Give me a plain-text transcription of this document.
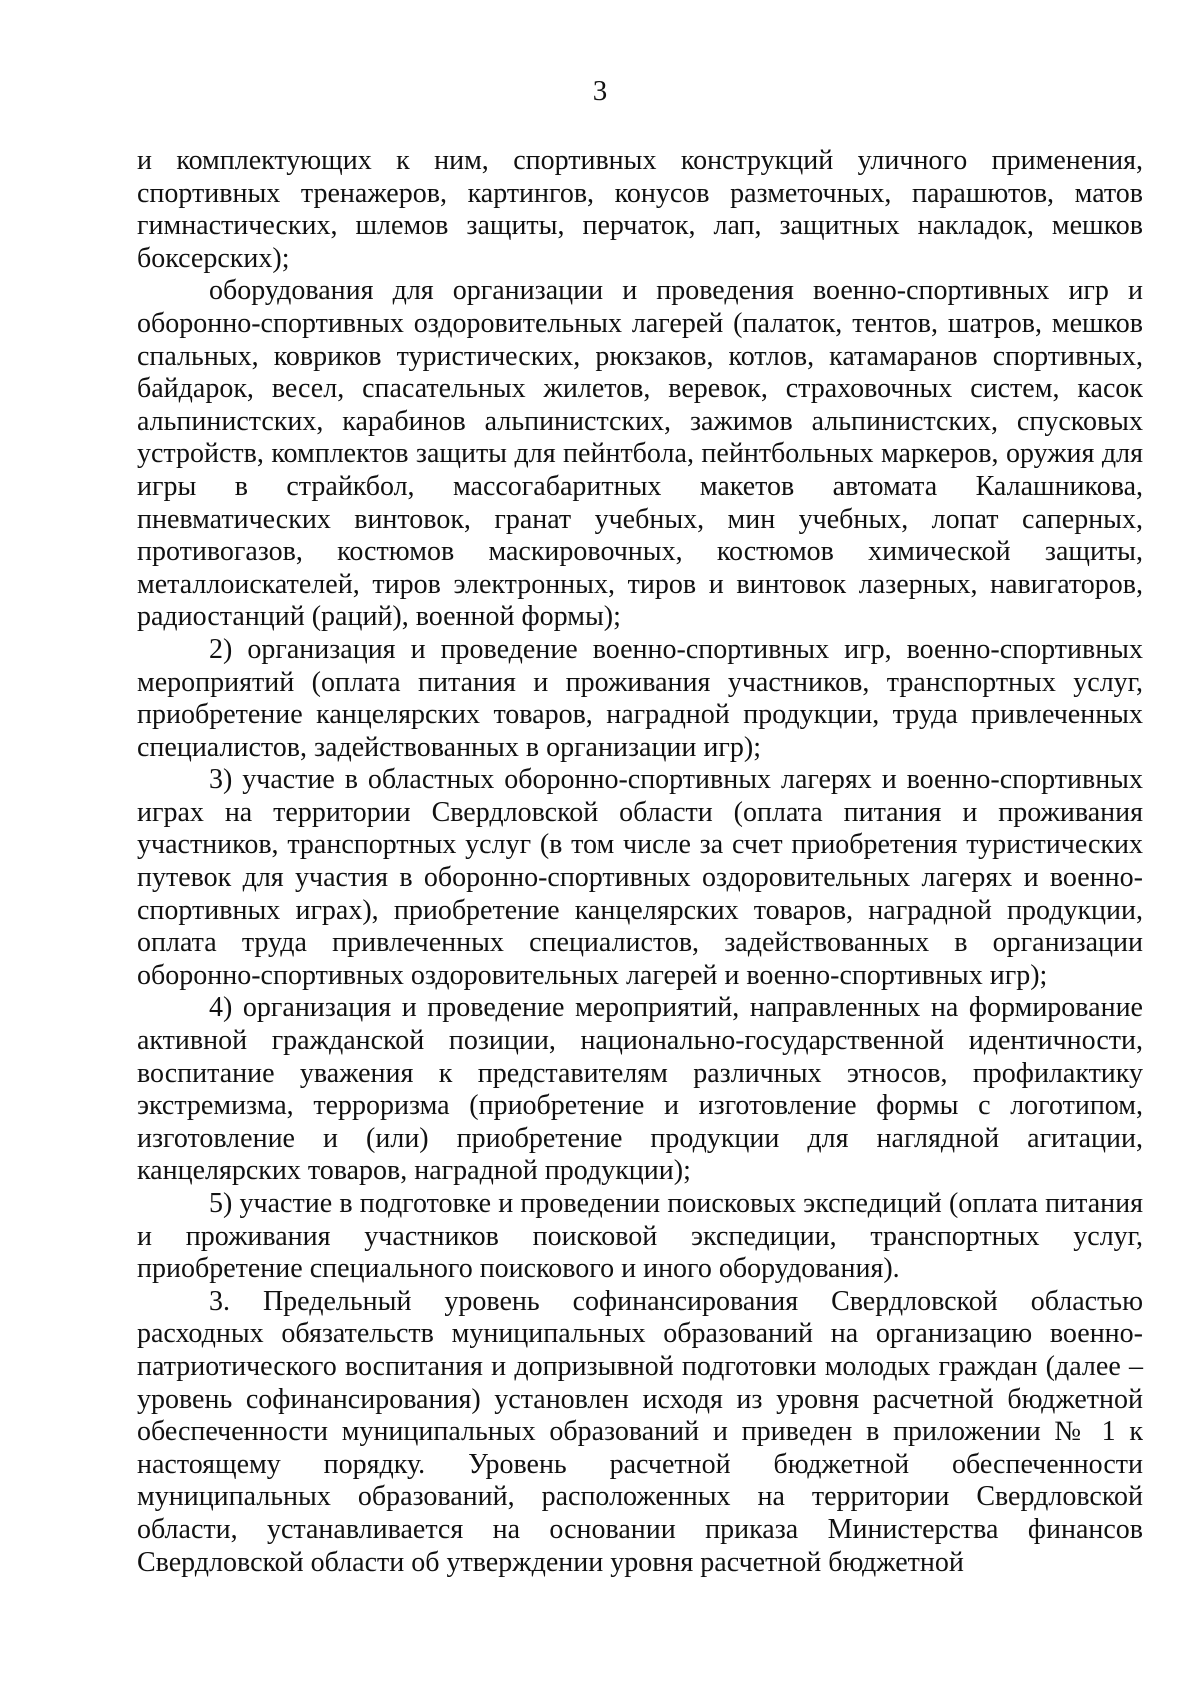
3

и комплектующих к ним, спортивных конструкций уличного применения, спортивных тренажеров, картингов, конусов разметочных, парашютов, матов гимнастических, шлемов защиты, перчаток, лап, защитных накладок, мешков боксерских);

оборудования для организации и проведения военно-спортивных игр и оборонно-спортивных оздоровительных лагерей (палаток, тентов, шатров, мешков спальных, ковриков туристических, рюкзаков, котлов, катамаранов спортивных, байдарок, весел, спасательных жилетов, веревок, страховочных систем, касок альпинистских, карабинов альпинистских, зажимов альпинистских, спусковых устройств, комплектов защиты для пейнтбола, пейнтбольных маркеров, оружия для игры в страйкбол, массогабаритных макетов автомата Калашникова, пневматических винтовок, гранат учебных, мин учебных, лопат саперных, противогазов, костюмов маскировочных, костюмов химической защиты, металлоискателей, тиров электронных, тиров и винтовок лазерных, навигаторов, радиостанций (раций), военной формы);

2) организация и проведение военно-спортивных игр, военно-спортивных мероприятий (оплата питания и проживания участников, транспортных услуг, приобретение канцелярских товаров, наградной продукции, труда привлеченных специалистов, задействованных в организации игр);

3) участие в областных оборонно-спортивных лагерях и военно-спортивных играх на территории Свердловской области (оплата питания и проживания участников, транспортных услуг (в том числе за счет приобретения туристических путевок для участия в оборонно-спортивных оздоровительных лагерях и военно-спортивных играх), приобретение канцелярских товаров, наградной продукции, оплата труда привлеченных специалистов, задействованных в организации оборонно-спортивных оздоровительных лагерей и военно-спортивных игр);

4) организация и проведение мероприятий, направленных на формирование активной гражданской позиции, национально-государственной идентичности, воспитание уважения к представителям различных этносов, профилактику экстремизма, терроризма (приобретение и изготовление формы с логотипом, изготовление и (или) приобретение продукции для наглядной агитации, канцелярских товаров, наградной продукции);

5) участие в подготовке и проведении поисковых экспедиций (оплата питания и проживания участников поисковой экспедиции, транспортных услуг, приобретение специального поискового и иного оборудования).

3. Предельный уровень софинансирования Свердловской областью расходных обязательств муниципальных образований на организацию военно-патриотического воспитания и допризывной подготовки молодых граждан (далее – уровень софинансирования) установлен исходя из уровня расчетной бюджетной обеспеченности муниципальных образований и приведен в приложении № 1 к настоящему порядку. Уровень расчетной бюджетной обеспеченности муниципальных образований, расположенных на территории Свердловской области, устанавливается на основании приказа Министерства финансов Свердловской области об утверждении уровня расчетной бюджетной
